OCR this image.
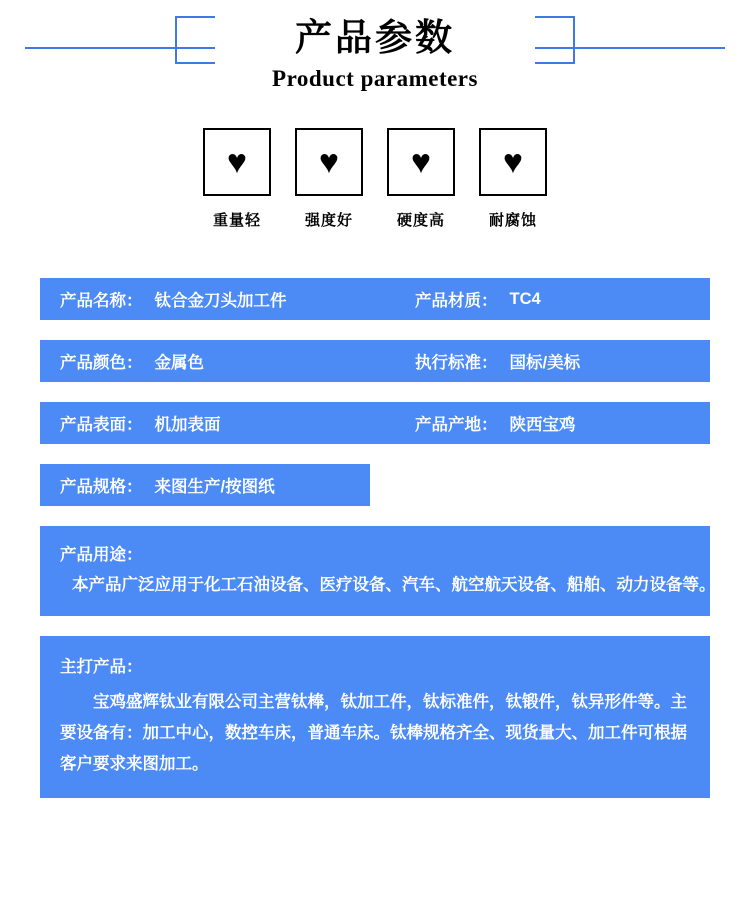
产品参数
Product parameters
♥
重量轻
♥
强度好
♥
硬度高
♥
耐腐蚀
产品名称： 钛合金刀头加工件	产品材质： TC4
产品颜色： 金属色	执行标准： 国标/美标
产品表面： 机加表面	产品产地： 陕西宝鸡
产品规格： 来图生产/按图纸
产品用途： 本产品广泛应用于化工石油设备、医疗设备、汽车、航空航天设备、船舶、动力设备等。
主打产品：
宝鸡盛辉钛业有限公司主营钛棒，钛加工件，钛标准件，钛锻件，钛异形件等。主要设备有：加工中心，数控车床，普通车床。钛棒规格齐全、现货量大、加工件可根据客户要求来图加工。
